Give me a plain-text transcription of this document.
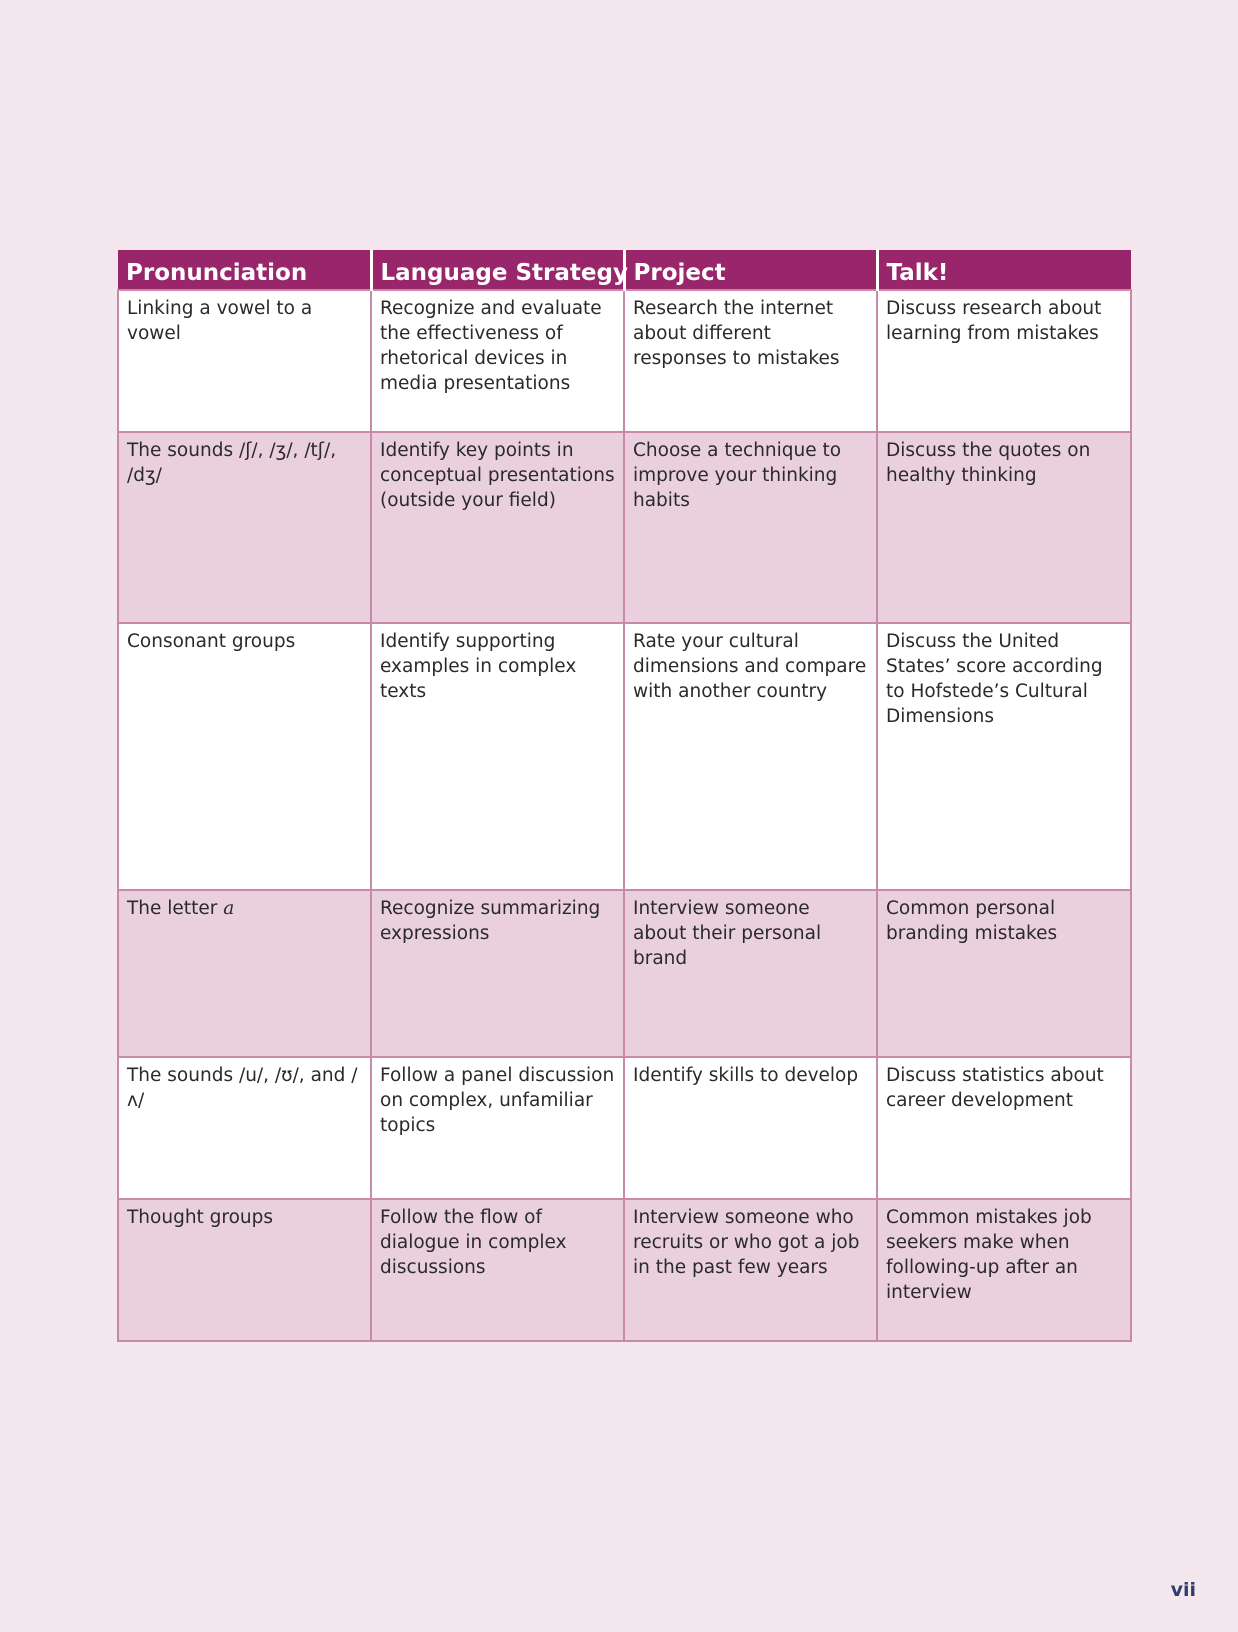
Pronunciation	Language Strategy	Project	Talk!
Linking a vowel to a vowel	Recognize and evaluate the effectiveness of rhetorical devices in media presentations	Research the internet about different responses to mistakes	Discuss research about learning from mistakes
The sounds /ʃ/, /ʒ/, /tʃ/, /dʒ/	Identify key points in conceptual presentations (outside your field)	Choose a technique to improve your thinking habits	Discuss the quotes on healthy thinking
Consonant groups	Identify supporting examples in complex texts	Rate your cultural dimensions and compare with another country	Discuss the United States’ score according to Hofstede’s Cultural Dimensions
The letter a	Recognize summarizing expressions	Interview someone about their personal brand	Common personal branding mistakes
The sounds /u/, /ʊ/, and /ʌ/	Follow a panel discussion on complex, unfamiliar topics	Identify skills to develop	Discuss statistics about career development
Thought groups	Follow the flow of dialogue in complex discussions	Interview someone who recruits or who got a job in the past few years	Common mistakes job seekers make when following-up after an interview
vii
